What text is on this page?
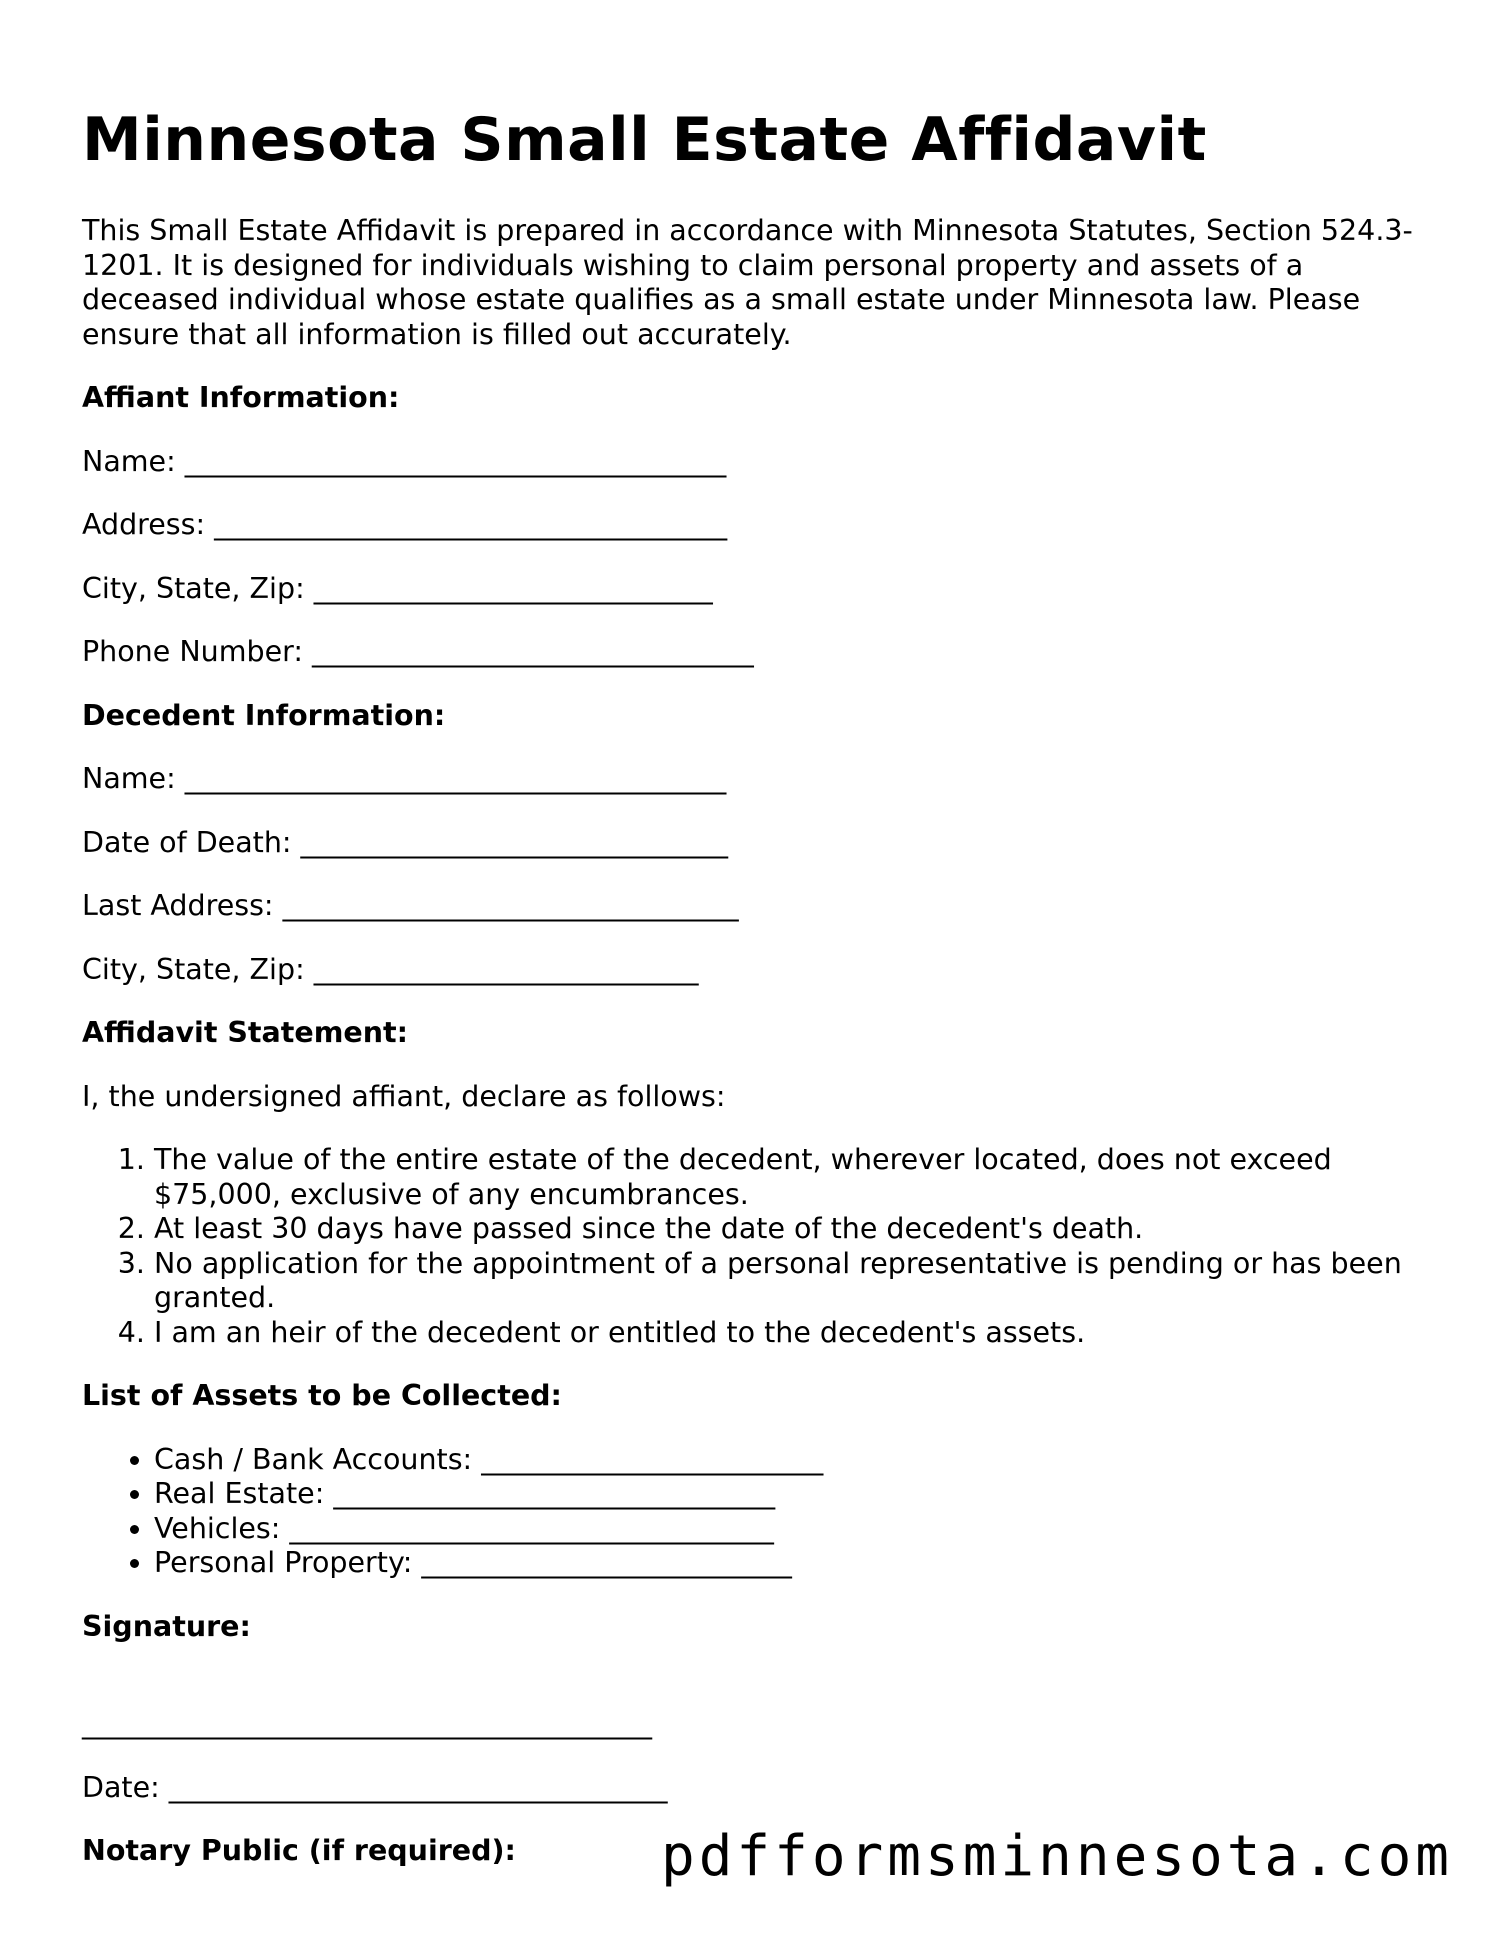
Minnesota Small Estate Affidavit

This Small Estate Affidavit is prepared in accordance with Minnesota Statutes, Section 524.3-1201. It is designed for individuals wishing to claim personal property and assets of a deceased individual whose estate qualifies as a small estate under Minnesota law. Please ensure that all information is filled out accurately.

Affiant Information:

Name: ______________________________________

Address: ____________________________________

City, State, Zip: ____________________________

Phone Number: _______________________________

Decedent Information:

Name: ______________________________________

Date of Death: ______________________________

Last Address: ________________________________

City, State, Zip: ___________________________

Affidavit Statement:

I, the undersigned affiant, declare as follows:

1. The value of the entire estate of the decedent, wherever located, does not exceed $75,000, exclusive of any encumbrances.
2. At least 30 days have passed since the date of the decedent's death.
3. No application for the appointment of a personal representative is pending or has been granted.
4. I am an heir of the decedent or entitled to the decedent's assets.

List of Assets to be Collected:

• Cash / Bank Accounts: ________________________
• Real Estate: _______________________________
• Vehicles: __________________________________
• Personal Property: __________________________

Signature:

________________________________________

Date: ___________________________________

Notary Public (if required):	pdfformsminnesota.com
